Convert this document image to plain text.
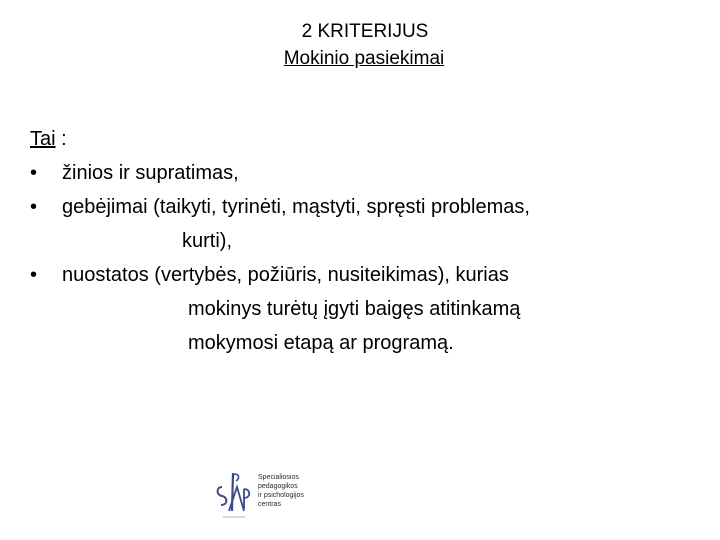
2 KRITERIJUS
Mokinio pasiekimai
Tai :
• žinios ir supratimas,
• gebėjimai (taikyti, tyrinėti, mąstyti, spręsti problemas,
kurti),
• nuostatos (vertybės, požiūris, nusiteikimas), kurias
mokinys turėtų įgyti baigęs atitinkamą
mokymosi etapą ar programą.
Specialiosios
pedagogikos
ir psichologijos
centras
